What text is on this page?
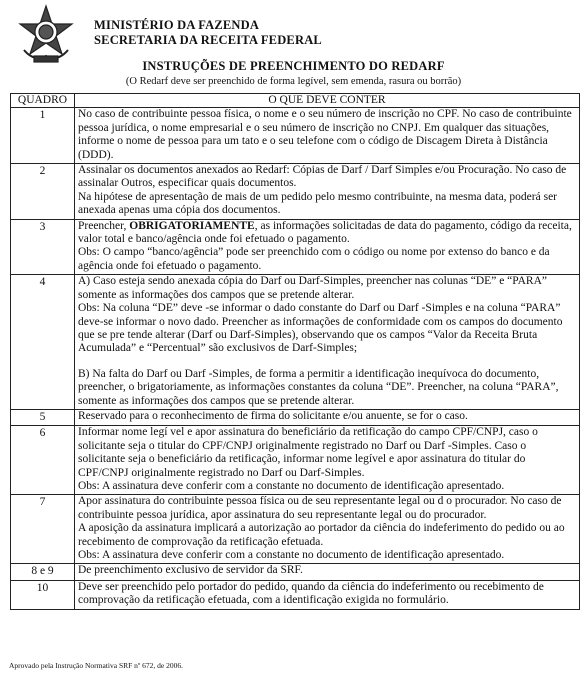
MINISTÉRIO DA FAZENDA
SECRETARIA DA RECEITA FEDERAL
INSTRUÇÕES DE PREENCHIMENTO DO REDARF
(O Redarf deve ser preenchido de forma legível, sem emenda, rasura ou borrão)
QUADRO	O QUE DEVE CONTER
1	No caso de contribuinte pessoa física, o nome e o seu número de inscrição no CPF. No caso de contribuinte pessoa jurídica, o nome empresarial e o seu número de inscrição no CNPJ. Em qualquer das situações, informe o nome de pessoa para um tato e o seu telefone com o código de Discagem Direta à Distância (DDD).

2	Assinalar os documentos anexados ao Redarf: Cópias de Darf / Darf Simples e/ou Procuração. No caso de assinalar Outros, especificar quais documentos.

Na hipótese de apresentação de mais de um pedido pelo mesmo contribuinte, na mesma data, poderá ser anexada apenas uma cópia dos documentos.

3	Preencher, OBRIGATORIAMENTE, as informações solicitadas de data do pagamento, código da receita, valor total e banco/agência onde foi efetuado o pagamento.

Obs: O campo “banco/agência” pode ser preenchido com o código ou nome por extenso do banco e da agência onde foi efetuado o pagamento.

4	A) Caso esteja sendo anexada cópia do Darf ou Darf-Simples, preencher nas colunas “DE” e “PARA” somente as informações dos campos que se pretende alterar.

Obs: Na coluna “DE” deve -se informar o dado constante do Darf ou Darf -Simples e na coluna “PARA” deve-se informar o novo dado. Preencher as informações de conformidade com os campos do documento que se pre tende alterar (Darf ou Darf-Simples), observando que os campos “Valor da Receita Bruta Acumulada” e “Percentual” são exclusivos de Darf-Simples;

B) Na falta do Darf ou Darf -Simples, de forma a permitir a identificação inequívoca do documento, preencher, o brigatoriamente, as informações constantes da coluna “DE”. Preencher, na coluna “PARA”, somente as informações dos campos que se pretende alterar.

5	Reservado para o reconhecimento de firma do solicitante e/ou anuente, se for o caso.

6	Informar nome legí vel e apor assinatura do beneficiário da retificação do campo CPF/CNPJ, caso o solicitante seja o titular do CPF/CNPJ originalmente registrado no Darf ou Darf -Simples. Caso o solicitante seja o beneficiário da retificação, informar nome legível e apor assinatura do titular do CPF/CNPJ originalmente registrado no Darf ou Darf-Simples.

Obs: A assinatura deve conferir com a constante no documento de identificação apresentado.

7	Apor assinatura do contribuinte pessoa física ou de seu representante legal ou d o procurador. No caso de contribuinte pessoa jurídica, apor assinatura do seu representante legal ou do procurador.

A aposição da assinatura implicará a autorização ao portador da ciência do indeferimento do pedido ou ao recebimento de comprovação da retificação efetuada.

Obs: A assinatura deve conferir com a constante no documento de identificação apresentado.

8 e 9	De preenchimento exclusivo de servidor da SRF.

10	Deve ser preenchido pelo portador do pedido, quando da ciência do indeferimento ou recebimento de comprovação da retificação efetuada, com a identificação exigida no formulário.

Aprovado pela Instrução Normativa SRF nº 672, de 2006.
